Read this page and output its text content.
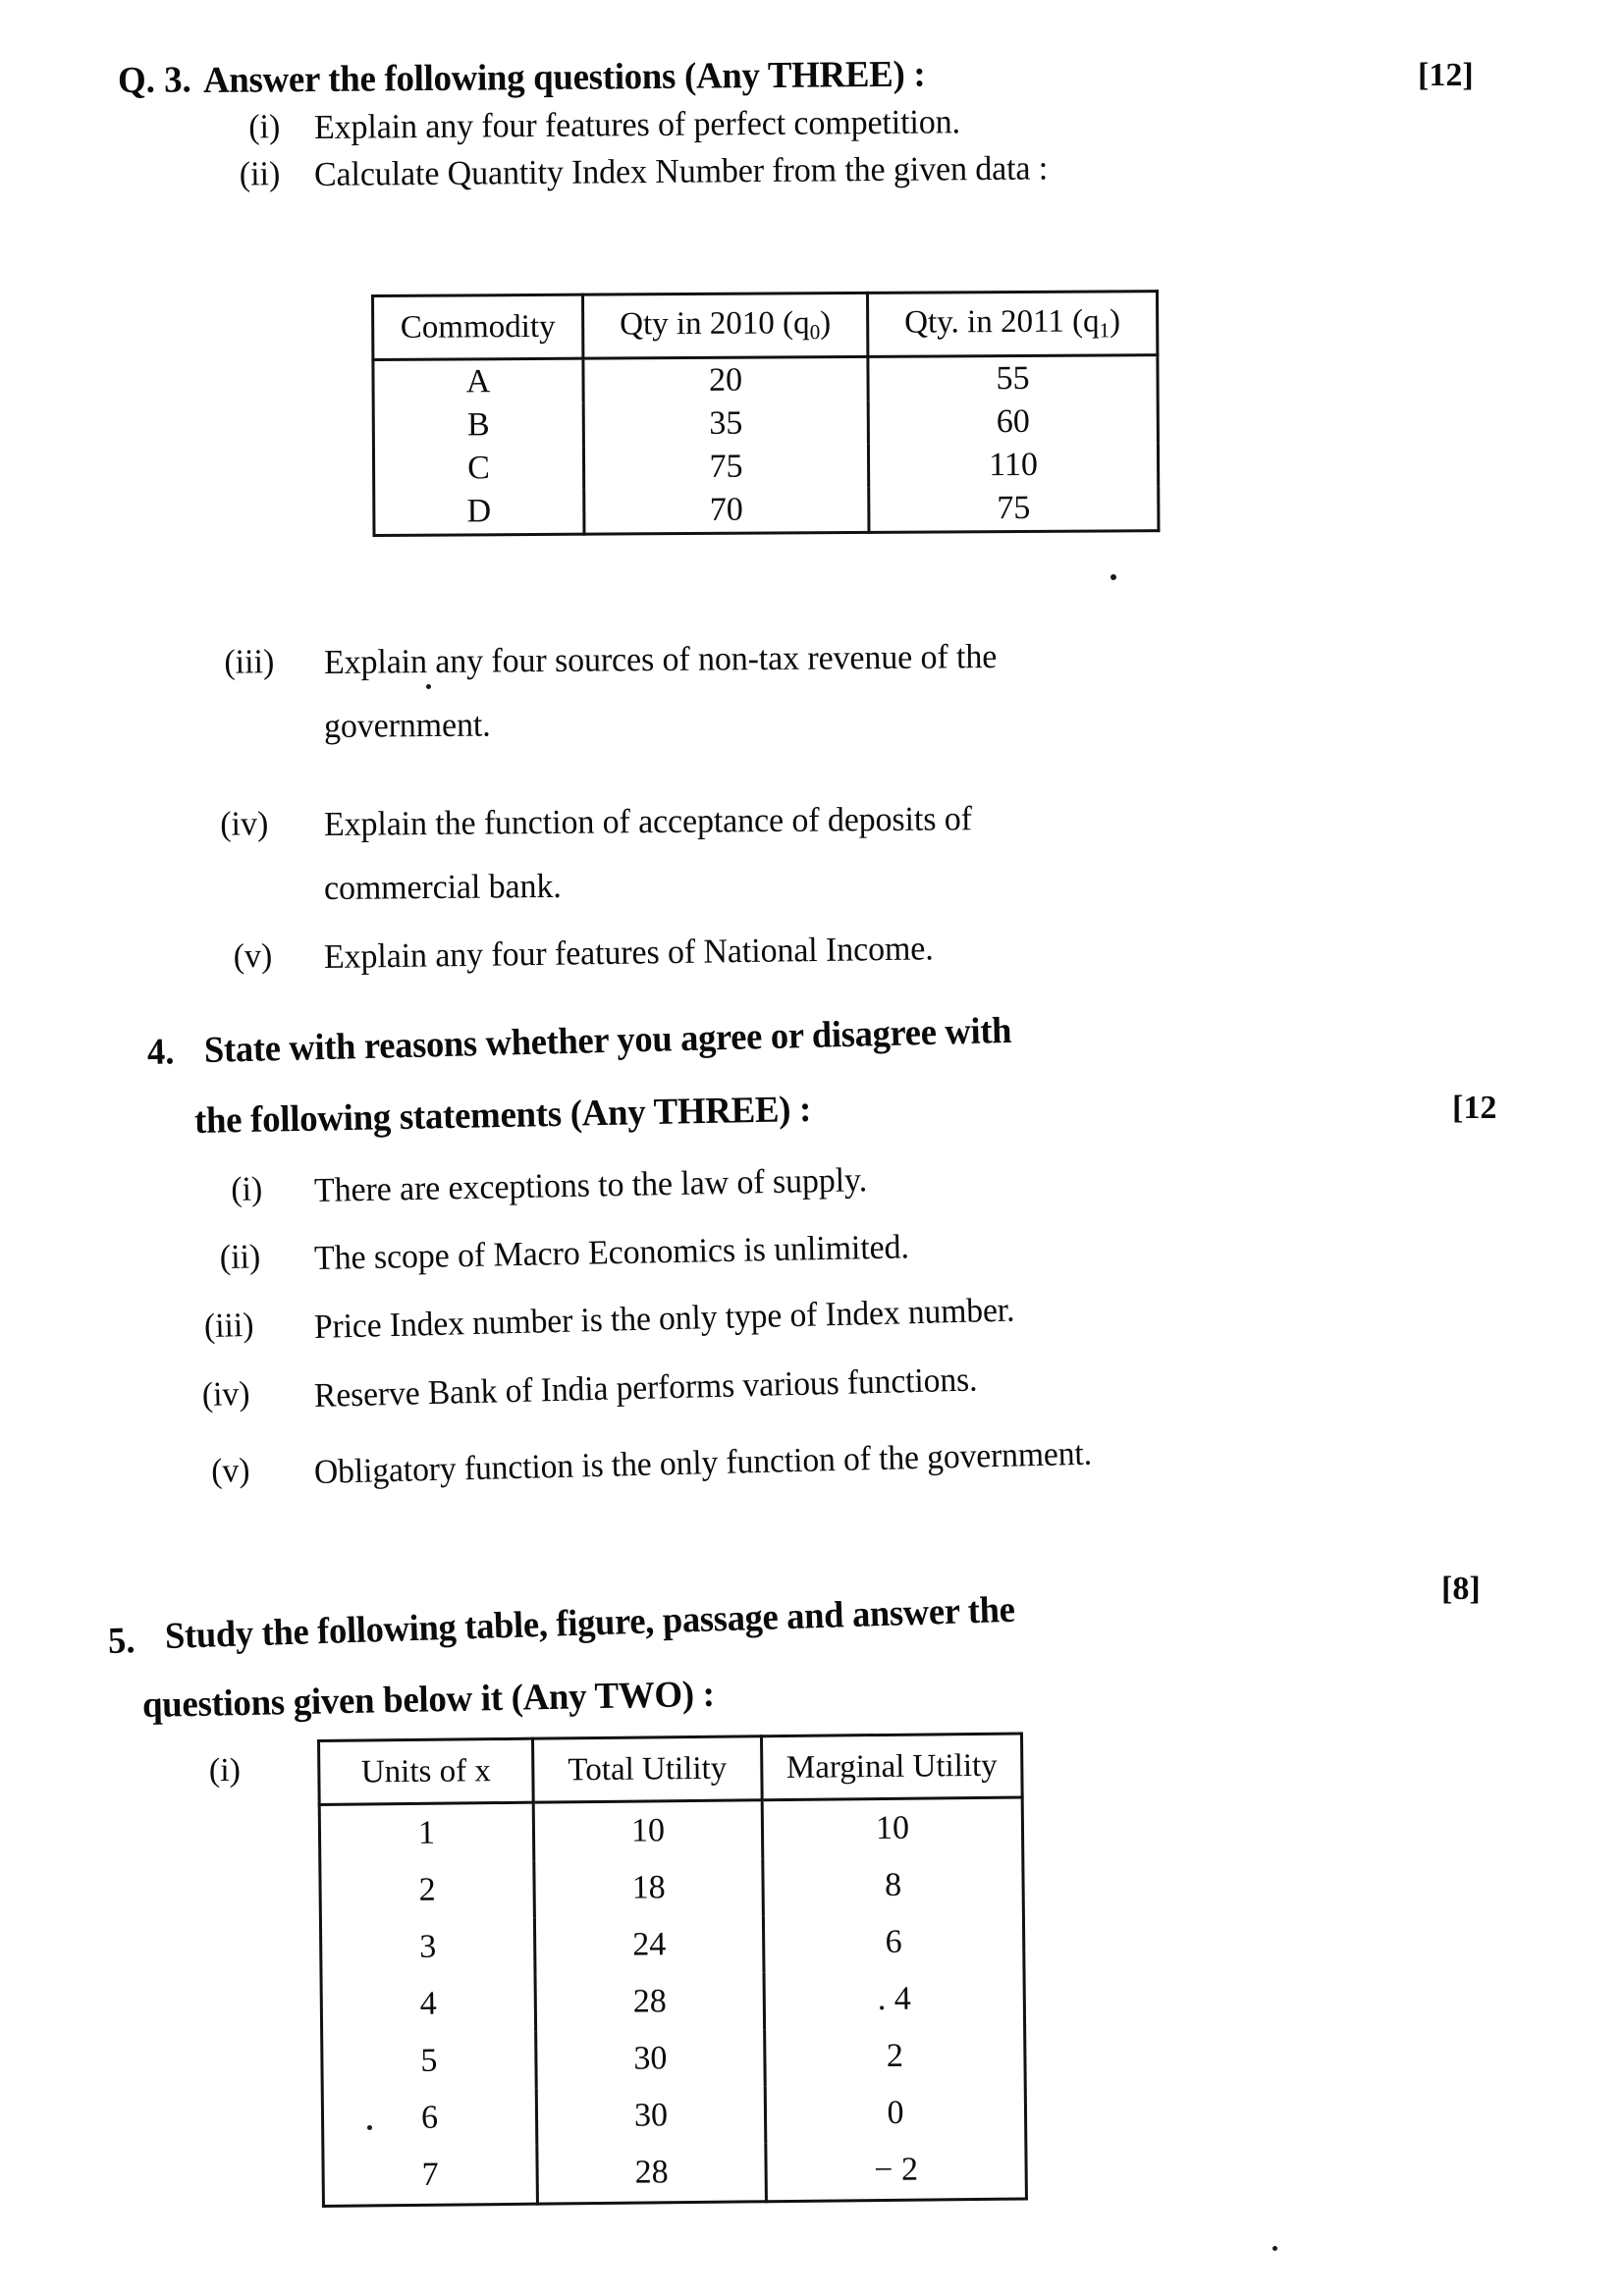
Q. 3. Answer the following questions (Any THREE) :	[12]
(i) Explain any four features of perfect competition.
(ii) Calculate Quantity Index Number from the given data :
Commodity	Qty in 2010 $(q_0)$	Qty. in 2011 $(q_1)$
A	20	55
B	35	60
C	75	110
D	70	75
(iii) Explain any four sources of non-tax revenue of the
government.
(iv) Explain the function of acceptance of deposits of
commercial bank.
(v) Explain any four features of National Income.
4. State with reasons whether you agree or disagree with
the following statements (Any THREE) :	[12
(i) There are exceptions to the law of supply.
(ii) The scope of Macro Economics is unlimited.
(iii) Price Index number is the only type of Index number.
(iv) Reserve Bank of India performs various functions.
(v) Obligatory function is the only function of the government.
5. Study the following table, figure, passage and answer the
questions given below it (Any TWO) :
[8]
(i)	Units of x	Total Utility	Marginal Utility
1	10	10
2	18	8
3	24	6
4	28	. 4
5	30	2
6	30	0
7	28	− 2
